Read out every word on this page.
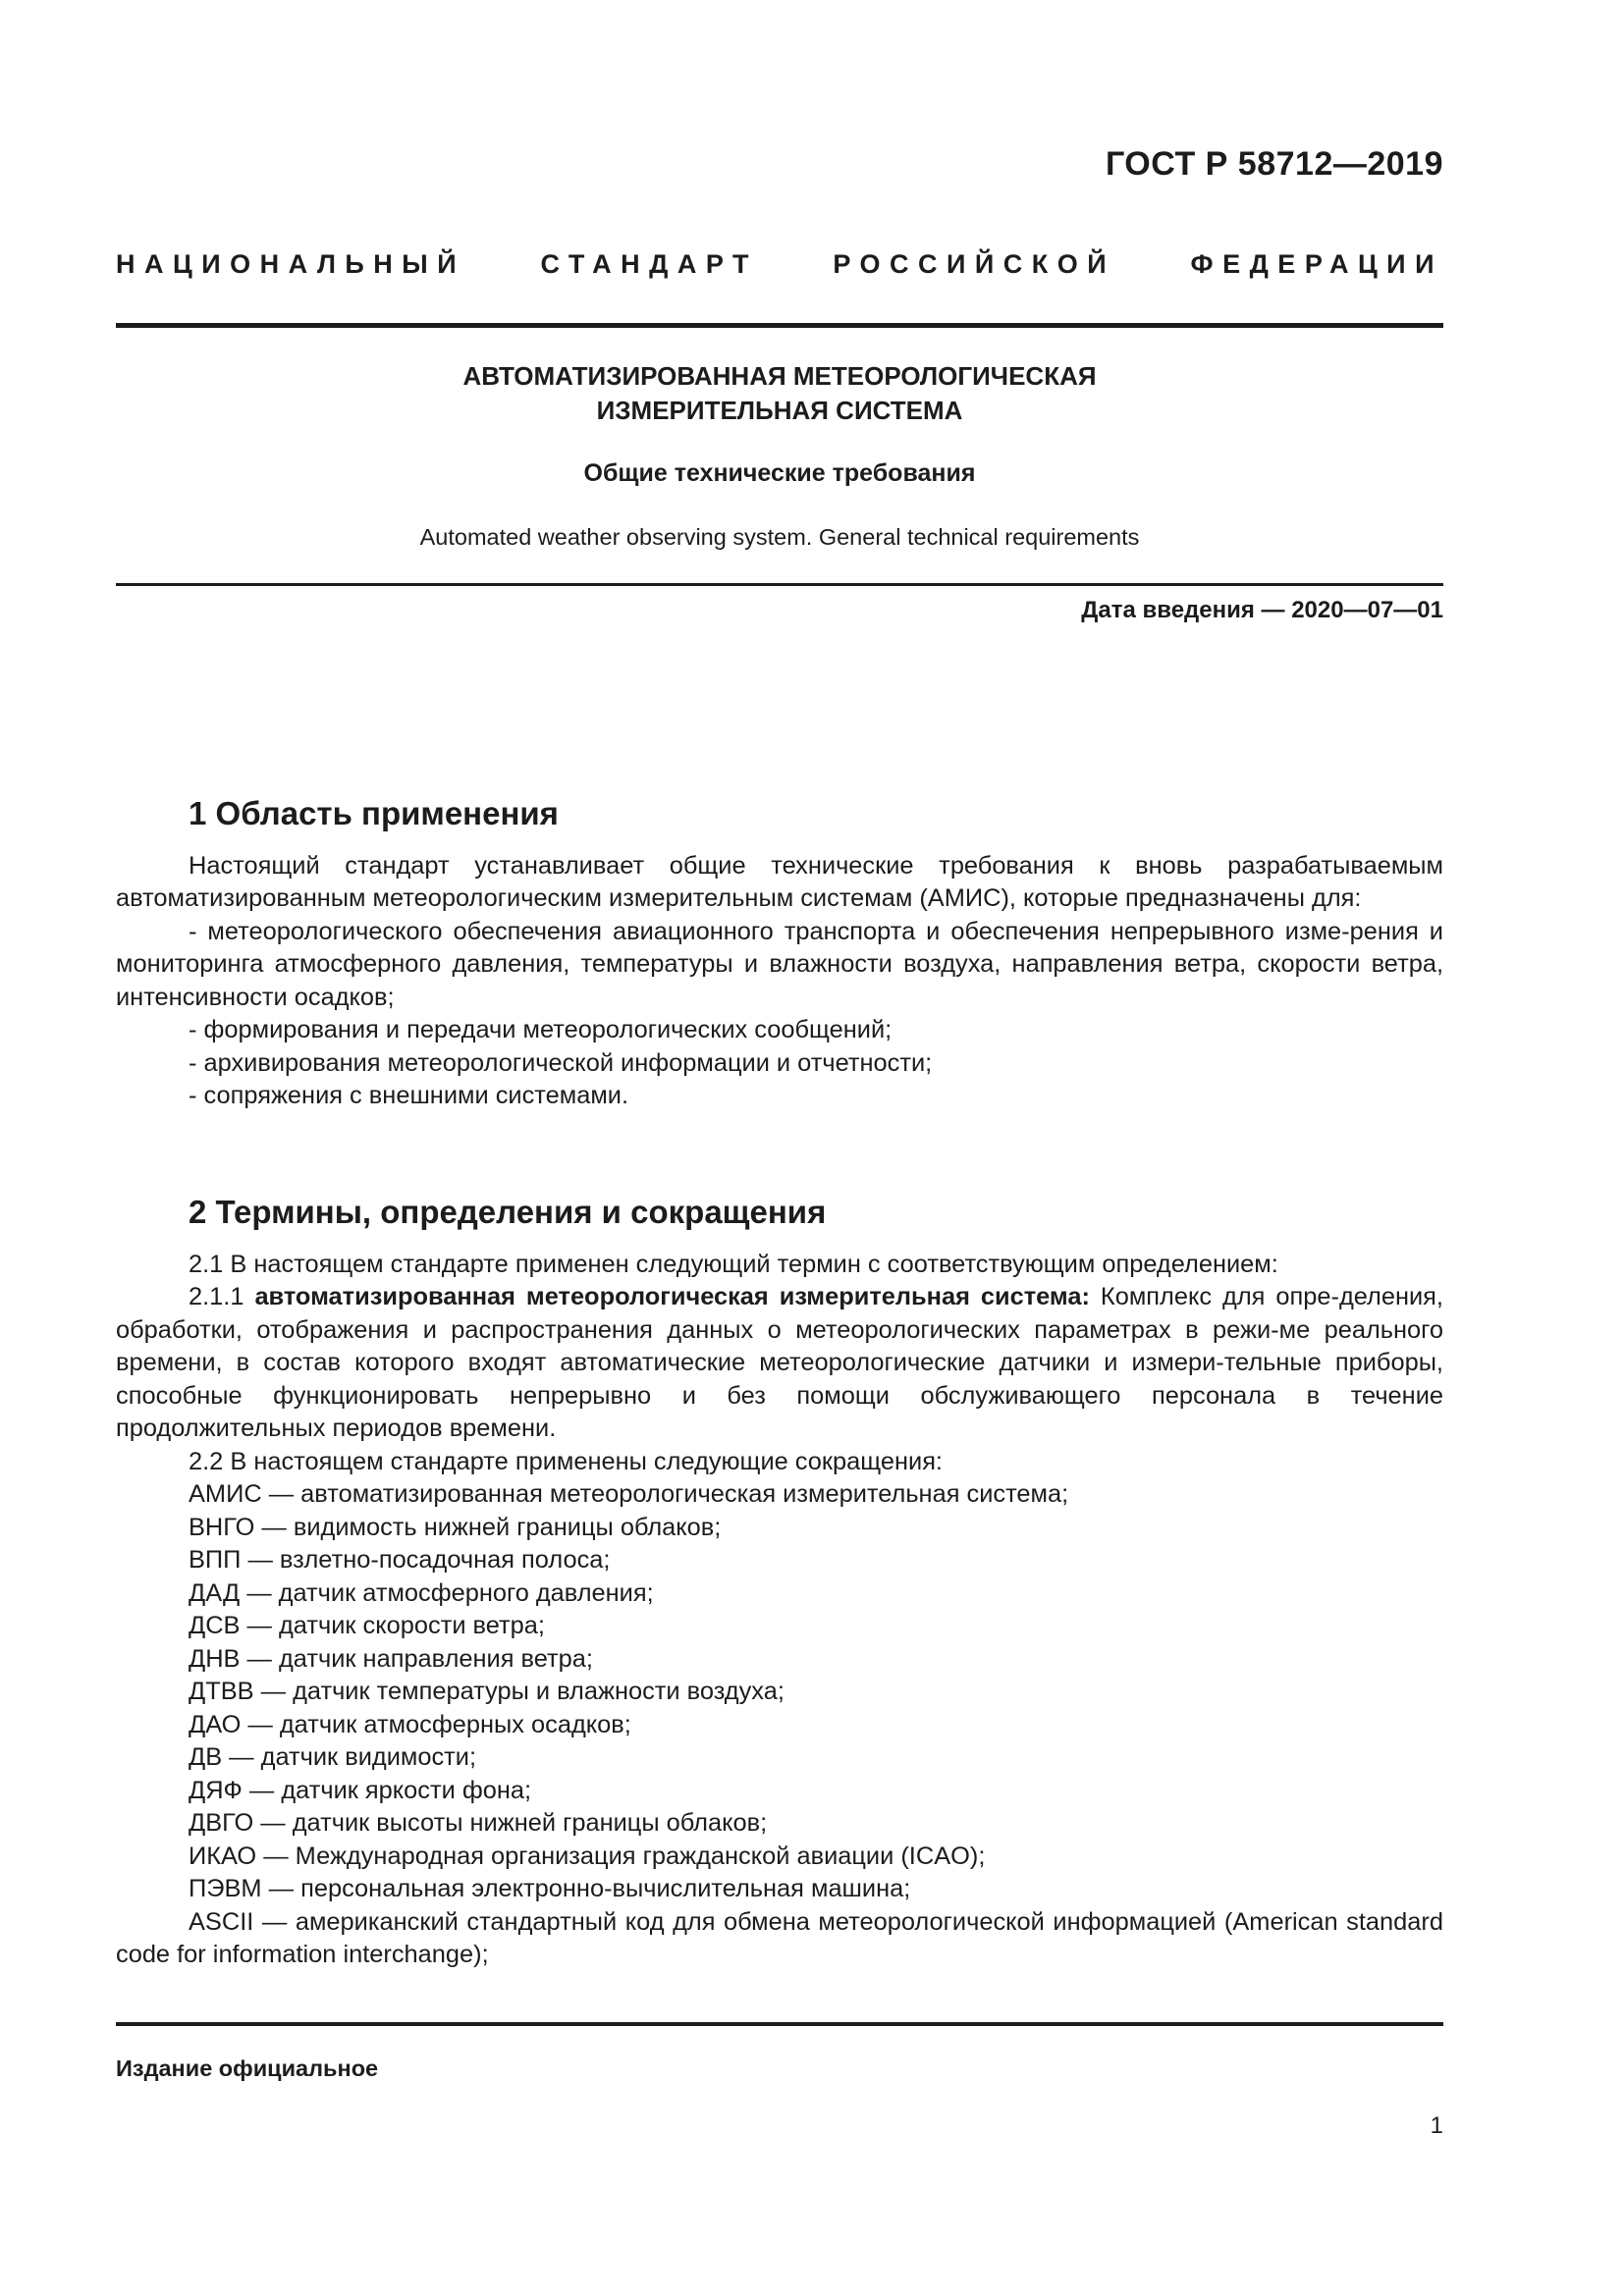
ГОСТ Р 58712—2019
НАЦИОНАЛЬНЫЙ СТАНДАРТ РОССИЙСКОЙ ФЕДЕРАЦИИ
АВТОМАТИЗИРОВАННАЯ МЕТЕОРОЛОГИЧЕСКАЯ
ИЗМЕРИТЕЛЬНАЯ СИСТЕМА
Общие технические требования
Automated weather observing system. General technical requirements
Дата введения — 2020—07—01

1 Область применения

Настоящий стандарт устанавливает общие технические требования к вновь разрабатываемым автоматизированным метеорологическим измерительным системам (АМИС), которые предназначены для:

- метеорологического обеспечения авиационного транспорта и обеспечения непрерывного изме-рения и мониторинга атмосферного давления, температуры и влажности воздуха, направления ветра, скорости ветра, интенсивности осадков;

- формирования и передачи метеорологических сообщений;

- архивирования метеорологической информации и отчетности;

- сопряжения с внешними системами.

2 Термины, определения и сокращения

2.1 В настоящем стандарте применен следующий термин с соответствующим определением:

2.1.1 автоматизированная метеорологическая измерительная система: Комплекс для опре-деления, обработки, отображения и распространения данных о метеорологических параметрах в режи-ме реального времени, в состав которого входят автоматические метеорологические датчики и измери-тельные приборы, способные функционировать непрерывно и без помощи обслуживающего персонала в течение продолжительных периодов времени.

2.2 В настоящем стандарте применены следующие сокращения:

АМИС — автоматизированная метеорологическая измерительная система;

ВНГО — видимость нижней границы облаков;

ВПП — взлетно-посадочная полоса;

ДАД — датчик атмосферного давления;

ДСВ — датчик скорости ветра;

ДНВ — датчик направления ветра;

ДТВВ — датчик температуры и влажности воздуха;

ДАО — датчик атмосферных осадков;

ДВ — датчик видимости;

ДЯФ — датчик яркости фона;

ДВГО — датчик высоты нижней границы облаков;

ИКАО — Международная организация гражданской авиации (ICAO);

ПЭВМ — персональная электронно-вычислительная машина;

ASCII — американский стандартный код для обмена метеорологической информацией (American standard code for information interchange);

Издание официальное
1
